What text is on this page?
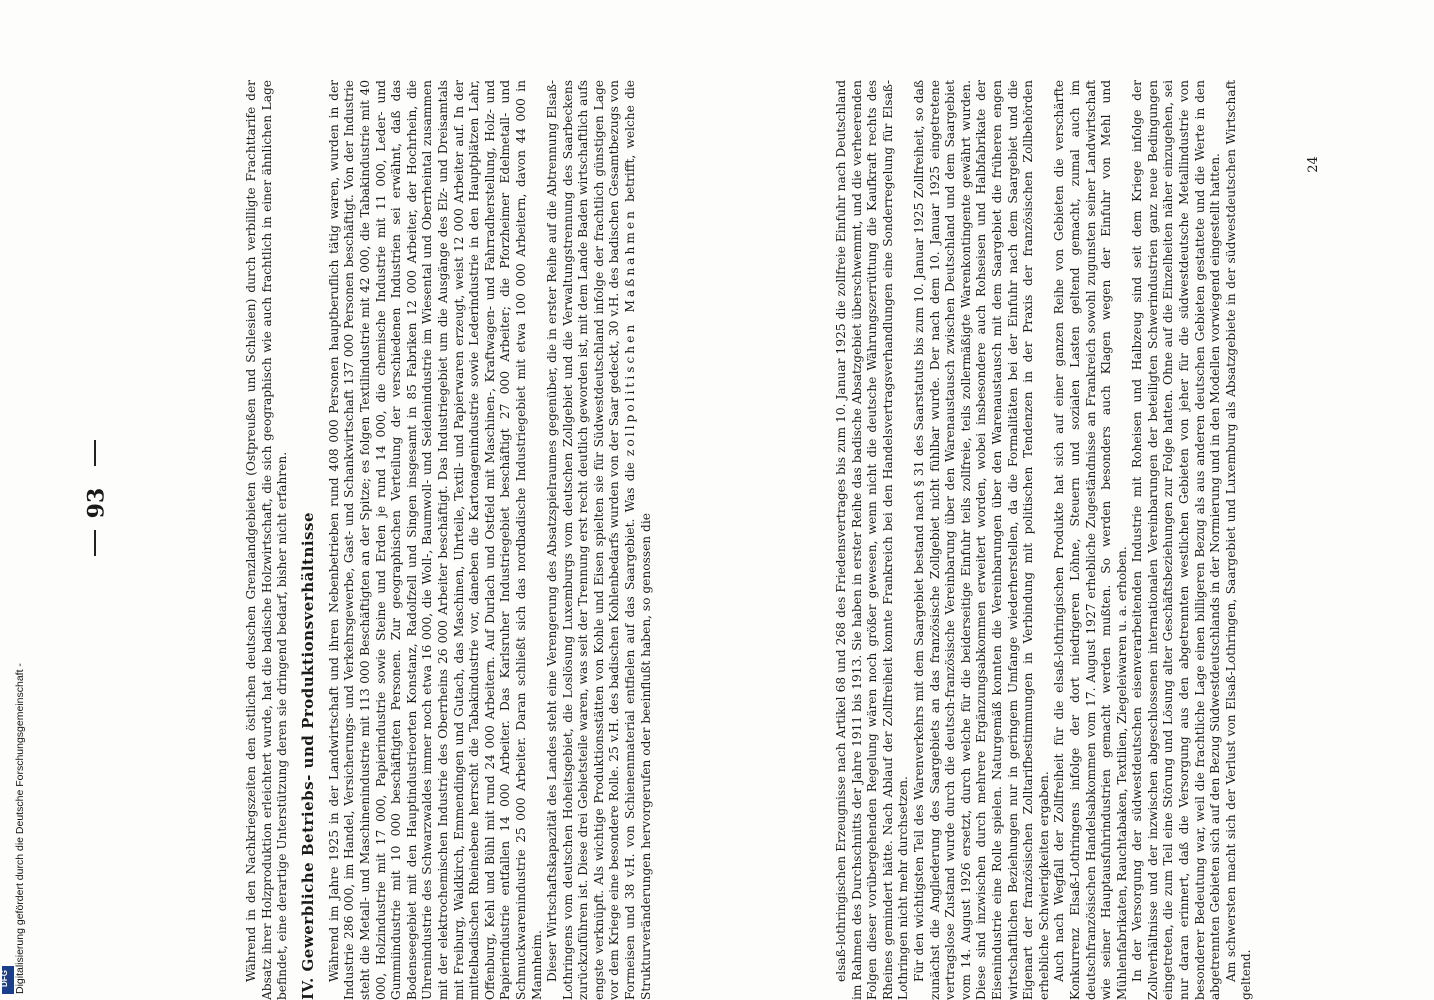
Während in den Nachkriegszeiten den östlichen deutschen Grenzlandgebieten (Ostpreußen und Schlesien) durch verbilligte Frachttarife der Absatz ihrer Holzproduktion erleichtert wurde, hat die badische Holzwirtschaft, die sich geographisch wie auch frachtlich in einer ähnlichen Lage befindet, eine derartige Unterstützung deren sie dringend bedarf, bisher nicht erfahren. IV. Gewerbliche Betriebs- und Produktionsverhältnisse Während im Jahre 1925 in der Landwirtschaft und ihren Nebenbetrieben rund 408 000 Personen hauptberuflich tätig waren, wurden in der Industrie 286 000, im Handel, Versicherungs- und Verkehrsgewerbe, Gast- und Schankwirtschaft 137 000 Personen beschäftigt. Von der Industrie steht die Metall- und Maschinenindustrie mit 113 000 Beschäftigten an der Spitze; es folgen Textilindustrie mit 42 000, die Tabakindustrie mit 40 000, Holzindustrie mit 17 000, Papierindustrie sowie Steine und Erden je rund 14 000, die chemische Industrie mit 11 000, Leder- und Gummiindustrie mit 10 000 beschäftigten Personen. Zur geographischen Verteilung der verschiedenen Industrien sei erwähnt, daß das Bodenseegebiet mit den Hauptindustrieorten Konstanz, Radolfzell und Singen insgesamt in 85 Fabriken 12 000 Arbeiter, der Hochrhein, die Uhrenindustrie des Schwarzwaldes immer noch etwa 16 000, die Woll-, Baumwoll- und Seidenindustrie im Wiesental und Oberrheintal zusammen mit der elektrochemischen Industrie des Oberrheins 26 000 Arbeiter beschäftigt. Das Industriegebiet um die Ausgänge des Elz- und Dreisamtals mit Freiburg, Waldkirch, Emmendingen und Gutach, das Maschinen, Uhrteile, Textil- und Papierwaren erzeugt, weist 12 000 Arbeiter auf. In der mittelbadischen Rheinebene herrscht die Tabakindustrie vor, daneben die Kartonagenindustrie sowie Lederindustrie in den Hauptplätzen Lahr, Offenburg, Kehl und Bühl mit rund 24 000 Arbeitern. Auf Durlach und Ostfeld mit Maschinen-, Kraftwagen- und Fahrradherstellung, Holz- und Papierindustrie entfallen 14 000 Arbeiter. Das Karlsruher Industriegebiet beschäftigt 27 000 Arbeiter; die Pforzheimer Edelmetall- und Schmuckwarenindustrie 25 000 Arbeiter. Daran schließt sich das nordbadische Industriegebiet mit etwa 100 000 Arbeitern, davon 44 000 in Mannheim. Dieser Wirtschaftskapazität des Landes steht eine Verengerung des Absatzspielraumes gegenüber, die in erster Reihe auf die Abtrennung Elsaß-Lothringens vom deutschen Hoheitsgebiet, die Loslösung Luxemburgs vom deutschen Zollgebiet und die Verwaltungstrennung des Saarbeckens zurückzuführen ist. Diese drei Gebietsteile waren, was seit der Trennung erst recht deutlich geworden ist, mit dem Lande Baden wirtschaftlich aufs engste verknüpft. Als wichtige Produktionsstätten von Kohle und Eisen spielten sie für Südwestdeutschland infolge der frachtlich günstigen Lage vor dem Kriege eine besondere Rolle. 25 v.H. des badischen Kohlenbedarfs wurden von der Saar gedeckt, 30 v.H. des badischen Gesamtbezugs von Formeisen und 38 v.H. von Schienenmaterial entfielen auf das Saargebiet. Was die zollpolitischen Maßnahmen betrifft, welche die Strukturveränderungen hervorgerufen oder beeinflußt haben, so genossen die	elsaß-lothringischen Erzeugnisse nach Artikel 68 und 268 des Friedensvertrages bis zum 10. Januar 1925 die zollfreie Einfuhr nach Deutschland im Rahmen des Durchschnitts der Jahre 1911 bis 1913. Sie haben in erster Reihe das badische Absatzgebiet überschwemmt, und die verheerenden Folgen dieser vorübergehenden Regelung wären noch größer gewesen, wenn nicht die deutsche Währungszerrüttung die Kaufkraft rechts des Rheines gemindert hätte. Nach Ablauf der Zollfreiheit konnte Frankreich bei den Handelsvertragsverhandlungen eine Sonderregelung für Elsaß-Lothringen nicht mehr durchsetzen. Für den wichtigsten Teil des Warenverkehrs mit dem Saargebiet bestand nach § 31 des Saarstatuts bis zum 10. Januar 1925 Zollfreiheit, so daß zunächst die Angliederung des Saargebiets an das französische Zollgebiet nicht fühlbar wurde. Der nach dem 10. Januar 1925 eingetretene vertragslose Zustand wurde durch die deutsch-französische Vereinbarung über den Warenaustausch zwischen Deutschland und dem Saargebiet vom 14. August 1926 ersetzt, durch welche für die beiderseitige Einfuhr teils zollfreie, teils zollermäßigte Warenkontingente gewährt wurden. Diese sind inzwischen durch mehrere Ergänzungsabkommen erweitert worden, wobei insbesondere auch Rohseisen und Halbfabrikate der Eisenindustrie eine Rolle spielen. Naturgemäß konnten die Vereinbarungen über den Warenaustausch mit dem Saargebiet die früheren engen wirtschaftlichen Beziehungen nur in geringem Umfange wiederherstellen, da die Formalitäten bei der Einfuhr nach dem Saargebiet und die Eigenart der französischen Zolltarifbestimmungen in Verbindung mit politischen Tendenzen in der Praxis der französischen Zollbehörden erhebliche Schwierigkeiten ergaben. Auch nach Wegfall der Zollfreiheit für die elsaß-lothringischen Produkte hat sich auf einer ganzen Reihe von Gebieten die verschärfte Konkurrenz Elsaß-Lothringens infolge der dort niedrigeren Löhne, Steuern und sozialen Lasten geltend gemacht, zumal auch im deutschfranzösischen Handelsabkommen vom 17. August 1927 erhebliche Zugeständnisse an Frankreich sowohl zugunsten seiner Landwirtschaft wie seiner Hauptausfuhrindustrien gemacht werden mußten. So werden besonders auch Klagen wegen der Einfuhr von Mehl und Mühlenfabrikaten, Rauchtabaken, Textilien, Ziegeleiwaren u. a. erhoben. In der Versorgung der südwestdeutschen eisenverarbeitenden Industrie mit Roheisen und Halbzeug sind seit dem Kriege infolge der Zollverhältnisse und der inzwischen abgeschlossenen internationalen Vereinbarungen der beteiligten Schwerindustrien ganz neue Bedingungen eingetreten, die zum Teil eine Störung und Lösung alter Geschäftsbeziehungen zur Folge hatten. Ohne auf die Einzelheiten näher einzugehen, sei nur daran erinnert, daß die Versorgung aus den abgetrennten westlichen Gebieten von jeher für die südwestdeutsche Metallindustrie von besonderer Bedeutung war, weil die frachtliche Lage einen billigeren Bezug als aus anderen deutschen Gebieten gestattete und die Werte in den abgetrennten Gebieten sich auf den Bezug Südwestdeutschlands in der Normierung und in den Modellen vorwiegend eingestellt hatten. Am schwersten macht sich der Verlust von Elsaß-Lothringen, Saargebiet und Luxemburg als Absatzgebiete in der südwestdeutschen Wirtschaft geltend.

93
24
DFG Digitalisierung gefördert durch die Deutsche Forschungsgemeinschaft -
